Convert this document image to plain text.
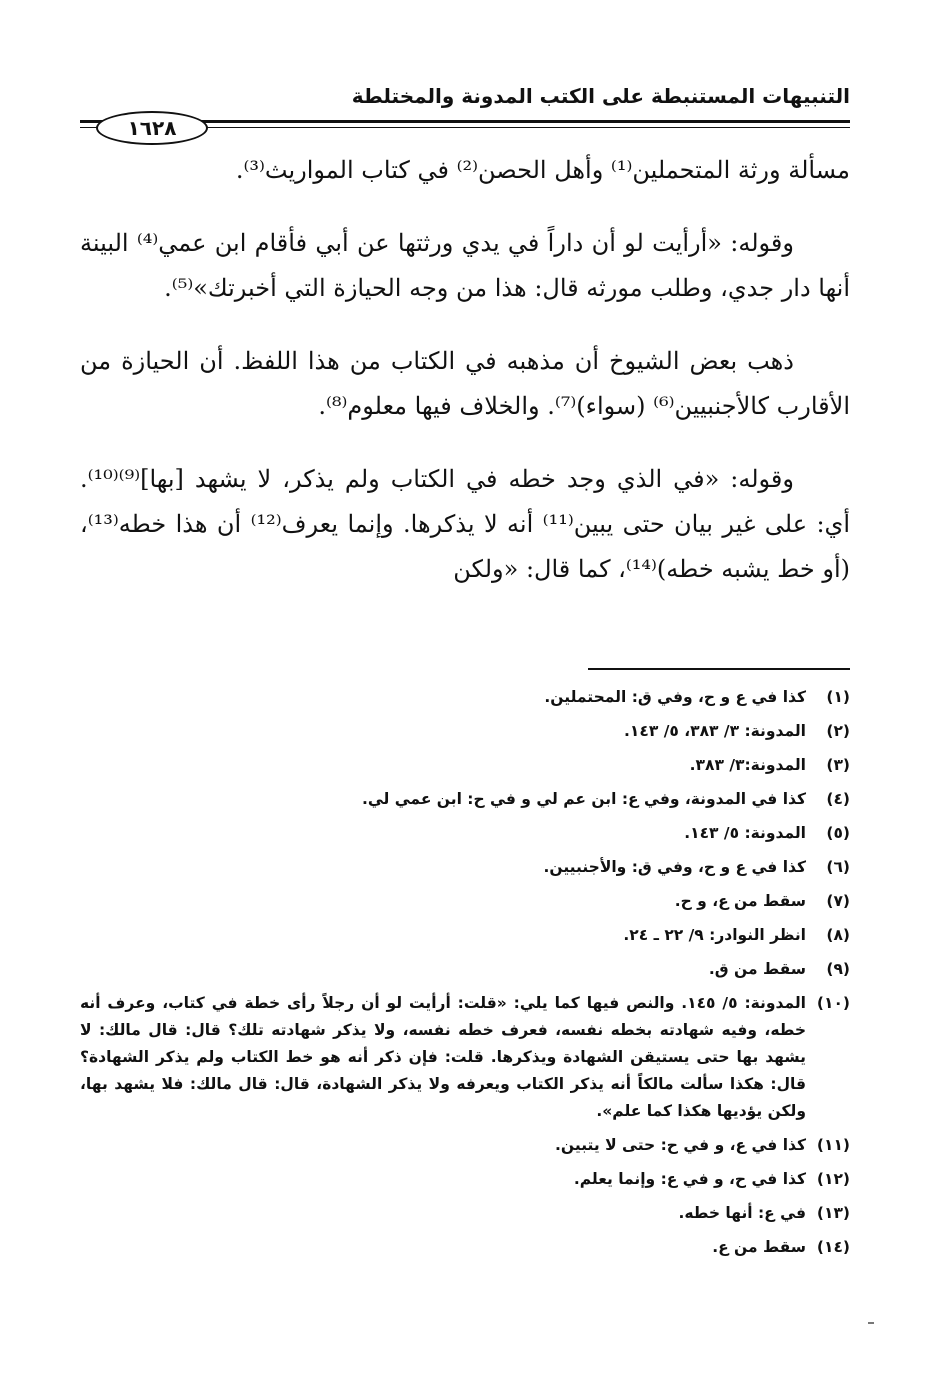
التنبيهات المستنبطة على الكتب المدونة والمختلطة
١٦٢٨

مسألة ورثة المتحملين⁽¹⁾ وأهل الحصن⁽²⁾ في كتاب المواريث⁽³⁾.

وقوله: «أرأيت لو أن داراً في يدي ورثتها عن أبي فأقام ابن عمي⁽⁴⁾ البينة أنها دار جدي، وطلب مورثه قال: هذا من وجه الحيازة التي أخبرتك»⁽⁵⁾.

ذهب بعض الشيوخ أن مذهبه في الكتاب من هذا اللفظ. أن الحيازة من الأقارب كالأجنبيين⁽⁶⁾ (سواء)⁽⁷⁾. والخلاف فيها معلوم⁽⁸⁾.

وقوله: «في الذي وجد خطه في الكتاب ولم يذكر، لا يشهد [بها]⁽⁹⁾⁽¹⁰⁾. أي: على غير بيان حتى يبين⁽¹¹⁾ أنه لا يذكرها. وإنما يعرف⁽¹²⁾ أن هذا خطه⁽¹³⁾، (أو خط يشبه خطه)⁽¹⁴⁾، كما قال: «ولكن

(١)
كذا في ع و ح، وفي ق: المحتملين.
(٢)
المدونة: ٣/ ٣٨٣، ٥/ ١٤٣.
(٣)
المدونة:٣/ ٣٨٣.
(٤)
كذا في المدونة، وفي ع: ابن عم لي و في ح: ابن عمي لي.
(٥)
المدونة: ٥/ ١٤٣.
(٦)
كذا في ع و ح، وفي ق: والأجنبيين.
(٧)
سقط من ع، و ح.
(٨)
انظر النوادر: ٩/ ٢٢ ـ ٢٤.
(٩)
سقط من ق.
(١٠)
المدونة: ٥/ ١٤٥. والنص فيها كما يلي: «قلت: أرأيت لو أن رجلاً رأى خطة في كتاب، وعرف أنه خطه، وفيه شهادته بخطه نفسه، فعرف خطه نفسه، ولا يذكر شهادته تلك؟ قال: قال مالك: لا يشهد بها حتى يستيقن الشهادة ويذكرها. قلت: فإن ذكر أنه هو خط الكتاب ولم يذكر الشهادة؟ قال: هكذا سألت مالكاً أنه يذكر الكتاب ويعرفه ولا يذكر الشهادة، قال: قال مالك: فلا يشهد بها، ولكن يؤديها هكذا كما علم».
(١١)
كذا في ع، و في ح: حتى لا يتبين.
(١٢)
كذا في ح، و في ع: وإنما يعلم.
(١٣)
في ع: أنها خطه.
(١٤)
سقط من ع.
